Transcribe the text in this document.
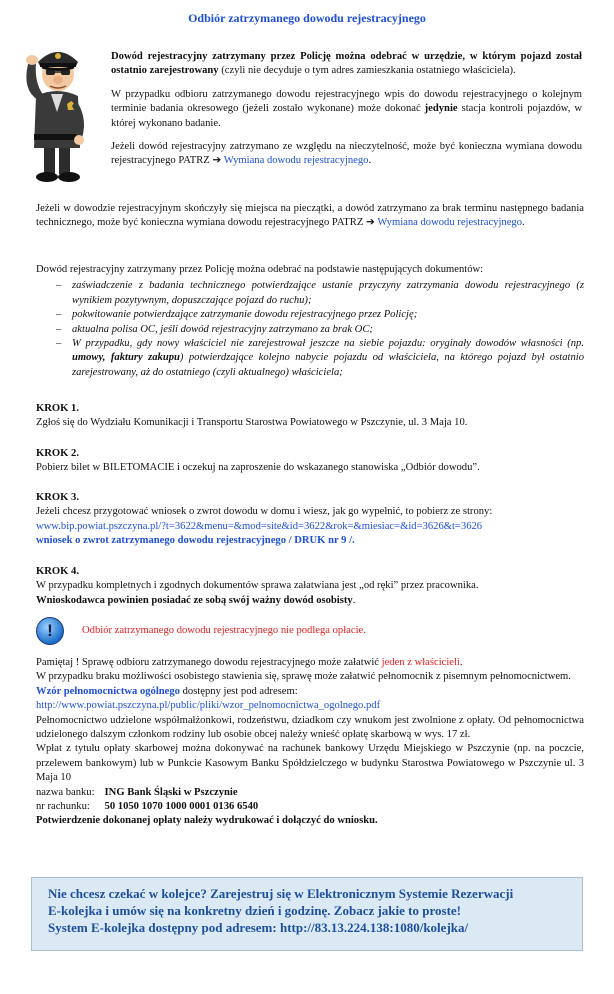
Odbiór zatrzymanego dowodu rejestracyjnego

Dowód rejestracyjny zatrzymany przez Policję można odebrać w urzędzie, w którym pojazd został ostatnio zarejestrowany (czyli nie decyduje o tym adres zamieszkania ostatniego właściciela).

W przypadku odbioru zatrzymanego dowodu rejestracyjnego wpis do dowodu rejestracyjnego o kolejnym terminie badania okresowego (jeżeli zostało wykonane) może dokonać jedynie stacja kontroli pojazdów, w której wykonano badanie.

Jeżeli dowód rejestracyjny zatrzymano ze względu na nieczytelność, może być konieczna wymiana dowodu rejestracyjnego PATRZ ➔ Wymiana dowodu rejestracyjnego.

Jeżeli w dowodzie rejestracyjnym skończyły się miejsca na pieczątki, a dowód zatrzymano za brak terminu następnego badania technicznego, może być konieczna wymiana dowodu rejestracyjnego PATRZ ➔ Wymiana dowodu rejestracyjnego.
Dowód rejestracyjny zatrzymany przez Policję można odebrać na podstawie następujących dokumentów:
– zaświadczenie z badania technicznego potwierdzające ustanie przyczyny zatrzymania dowodu rejestracyjnego (z wynikiem pozytywnym, dopuszczające pojazd do ruchu);
– pokwitowanie potwierdzające zatrzymanie dowodu rejestracyjnego przez Policję;
– aktualna polisa OC, jeśli dowód rejestracyjny zatrzymano za brak OC;
– W przypadku, gdy nowy właściciel nie zarejestrował jeszcze na siebie pojazdu: oryginały dowodów własności (np. umowy, faktury zakupu) potwierdzające kolejno nabycie pojazdu od właściciela, na którego pojazd był ostatnio zarejestrowany, aż do ostatniego (czyli aktualnego) właściciela;
KROK 1.
Zgłoś się do Wydziału Komunikacji i Transportu Starostwa Powiatowego w Pszczynie, ul. 3 Maja 10.
KROK 2.
Pobierz bilet w BILETOMACIE i oczekuj na zaproszenie do wskazanego stanowiska „Odbiór dowodu”.
KROK 3.
Jeżeli chcesz przygotować wniosek o zwrot dowodu w domu i wiesz, jak go wypełnić, to pobierz ze strony:
www.bip.powiat.pszczyna.pl/?t=3622&menu=&mod=site&id=3622&rok=&miesiac=&id=3626&t=3626
wniosek o zwrot zatrzymanego dowodu rejestracyjnego / DRUK nr 9 /.
KROK 4.
W przypadku kompletnych i zgodnych dokumentów sprawa załatwiana jest „od ręki” przez pracownika.
Wnioskodawca powinien posiadać ze sobą swój ważny dowód osobisty.
!	Odbiór zatrzymanego dowodu rejestracyjnego nie podlega opłacie.
Pamiętaj ! Sprawę odbioru zatrzymanego dowodu rejestracyjnego może załatwić jeden z właścicieli.
W przypadku braku możliwości osobistego stawienia się, sprawę może załatwić pełnomocnik z pisemnym pełnomocnictwem.
Wzór pełnomocnictwa ogólnego dostępny jest pod adresem:
http://www.powiat.pszczyna.pl/public/pliki/wzor_pelnomocnictwa_ogolnego.pdf
Pełnomocnictwo udzielone współmałżonkowi, rodzeństwu, dziadkom czy wnukom jest zwolnione z opłaty. Od pełnomocnictwa udzielonego dalszym członkom rodziny lub osobie obcej należy wnieść opłatę skarbową w wys. 17 zł.
Wpłat z tytułu opłaty skarbowej można dokonywać na rachunek bankowy Urzędu Miejskiego w Pszczynie (np. na poczcie, przelewem bankowym) lub w Punkcie Kasowym Banku Spółdzielczego w budynku Starostwa Powiatowego w Pszczynie ul. 3 Maja 10
nazwa banku:	ING Bank Śląski w Pszczynie
nr rachunku:	50 1050 1070 1000 0001 0136 6540
Potwierdzenie dokonanej opłaty należy wydrukować i dołączyć do wniosku.
Nie chcesz czekać w kolejce? Zarejestruj się w Elektronicznym Systemie Rezerwacji
E-kolejka i umów się na konkretny dzień i godzinę. Zobacz jakie to proste!
System E-kolejka dostępny pod adresem: http://83.13.224.138:1080/kolejka/
